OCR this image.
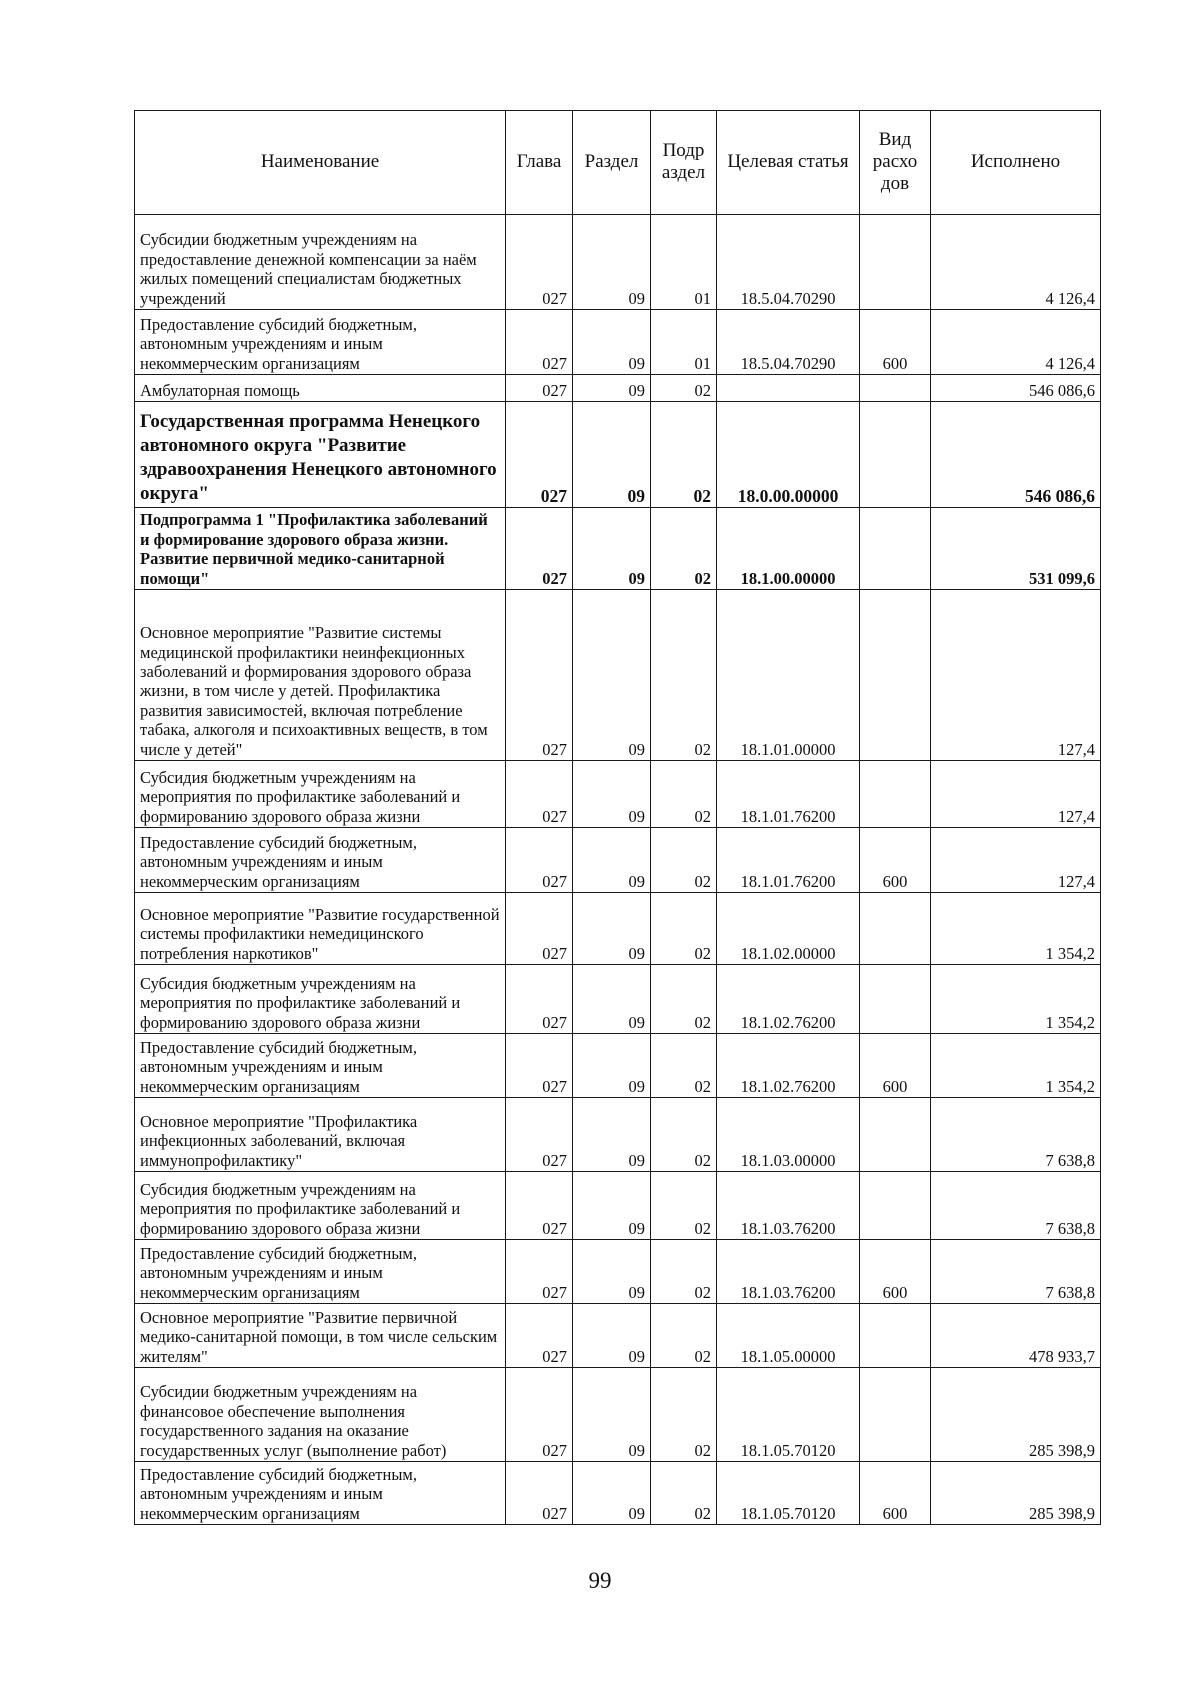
Наименование	Глава	Раздел	Подр аздел	Целевая статья	Вид расхо дов	Исполнено
Субсидии бюджетным учреждениям на предоставление денежной компенсации за наём жилых помещений специалистам бюджетных учреждений	027	09	01	18.5.04.70290		4 126,4
Предоставление субсидий бюджетным, автономным учреждениям и иным некоммерческим организациям	027	09	01	18.5.04.70290	600	4 126,4
Амбулаторная помощь	027	09	02			546 086,6
Государственная программа Ненецкого автономного округа "Развитие здравоохранения Ненецкого автономного округа"	027	09	02	18.0.00.00000		546 086,6
Подпрограмма 1 "Профилактика заболеваний и формирование здорового образа жизни. Развитие первичной медико-санитарной помощи"	027	09	02	18.1.00.00000		531 099,6
Основное мероприятие "Развитие системы медицинской профилактики неинфекционных заболеваний и формирования здорового образа жизни, в том числе у детей. Профилактика развития зависимостей, включая потребление табака, алкоголя и психоактивных веществ, в том числе у детей"	027	09	02	18.1.01.00000		127,4
Субсидия бюджетным учреждениям на мероприятия по профилактике заболеваний и формированию здорового образа жизни	027	09	02	18.1.01.76200		127,4
Предоставление субсидий бюджетным, автономным учреждениям и иным некоммерческим организациям	027	09	02	18.1.01.76200	600	127,4
Основное мероприятие "Развитие государственной системы профилактики немедицинского потребления наркотиков"	027	09	02	18.1.02.00000		1 354,2
Субсидия бюджетным учреждениям на мероприятия по профилактике заболеваний и формированию здорового образа жизни	027	09	02	18.1.02.76200		1 354,2
Предоставление субсидий бюджетным, автономным учреждениям и иным некоммерческим организациям	027	09	02	18.1.02.76200	600	1 354,2
Основное мероприятие "Профилактика инфекционных заболеваний, включая иммунопрофилактику"	027	09	02	18.1.03.00000		7 638,8
Субсидия бюджетным учреждениям на мероприятия по профилактике заболеваний и формированию здорового образа жизни	027	09	02	18.1.03.76200		7 638,8
Предоставление субсидий бюджетным, автономным учреждениям и иным некоммерческим организациям	027	09	02	18.1.03.76200	600	7 638,8
Основное мероприятие "Развитие первичной медико-санитарной помощи, в том числе сельским жителям"	027	09	02	18.1.05.00000		478 933,7
Субсидии бюджетным учреждениям на финансовое обеспечение выполнения государственного задания на оказание государственных услуг (выполнение работ)	027	09	02	18.1.05.70120		285 398,9
Предоставление субсидий бюджетным, автономным учреждениям и иным некоммерческим организациям	027	09	02	18.1.05.70120	600	285 398,9
99
